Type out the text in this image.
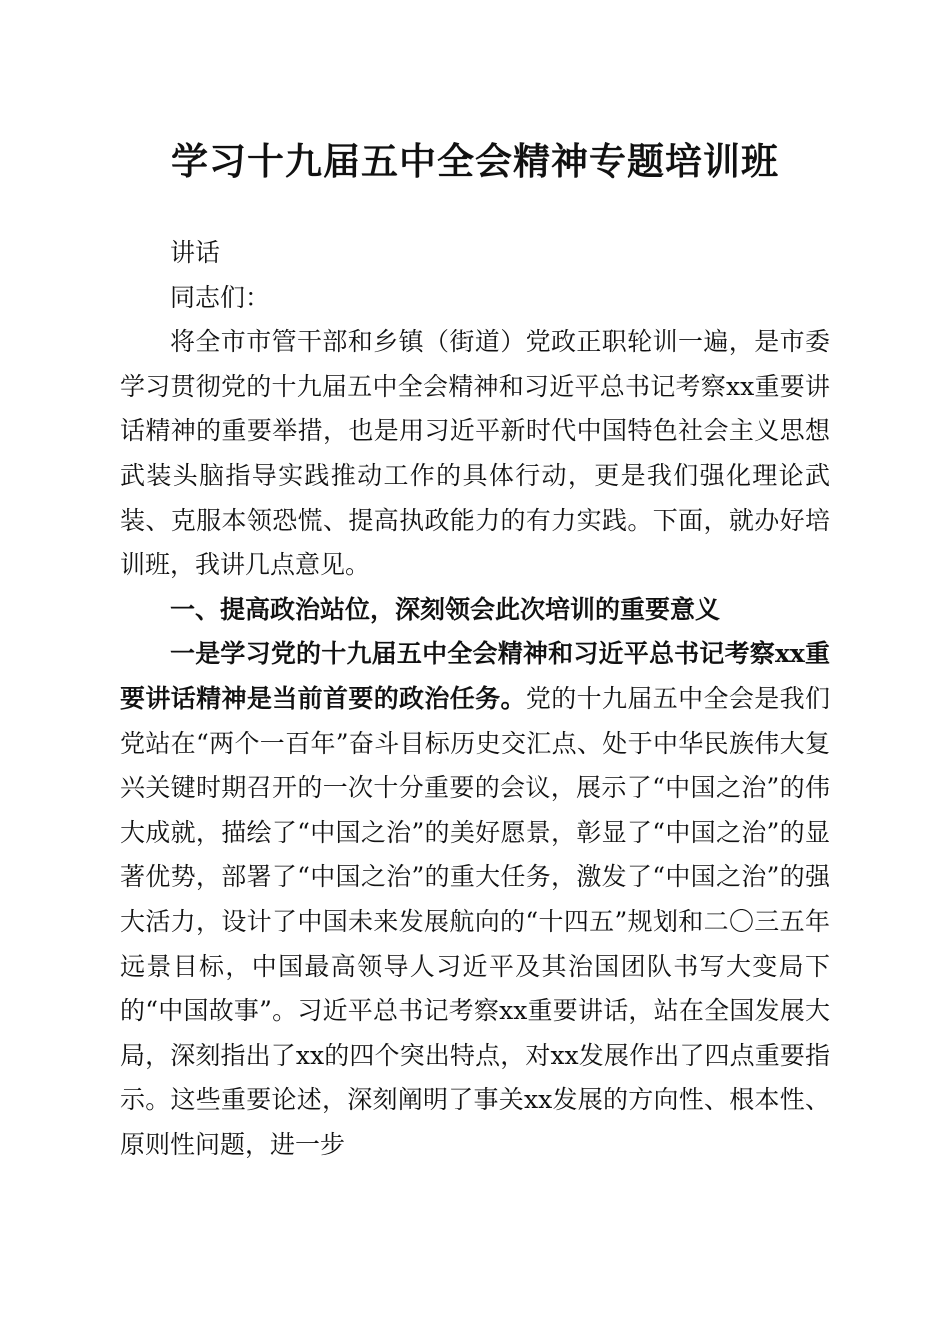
学习十九届五中全会精神专题培训班

讲话

同志们：

将全市市管干部和乡镇（街道）党政正职轮训一遍，是市委学习贯彻党的十九届五中全会精神和习近平总书记考察xx重要讲话精神的重要举措，也是用习近平新时代中国特色社会主义思想武装头脑指导实践推动工作的具体行动，更是我们强化理论武装、克服本领恐慌、提高执政能力的有力实践。下面，就办好培训班，我讲几点意见。

一、提高政治站位，深刻领会此次培训的重要意义

一是学习党的十九届五中全会精神和习近平总书记考察xx重要讲话精神是当前首要的政治任务。党的十九届五中全会是我们党站在“两个一百年”奋斗目标历史交汇点、处于中华民族伟大复兴关键时期召开的一次十分重要的会议，展示了“中国之治”的伟大成就，描绘了“中国之治”的美好愿景，彰显了“中国之治”的显著优势，部署了“中国之治”的重大任务，激发了“中国之治”的强大活力，设计了中国未来发展航向的“十四五”规划和二〇三五年远景目标，中国最高领导人习近平及其治国团队书写大变局下的“中国故事”。习近平总书记考察xx重要讲话，站在全国发展大局，深刻指出了xx的四个突出特点，对xx发展作出了四点重要指示。这些重要论述，深刻阐明了事关xx发展的方向性、根本性、原则性问题，进一步
